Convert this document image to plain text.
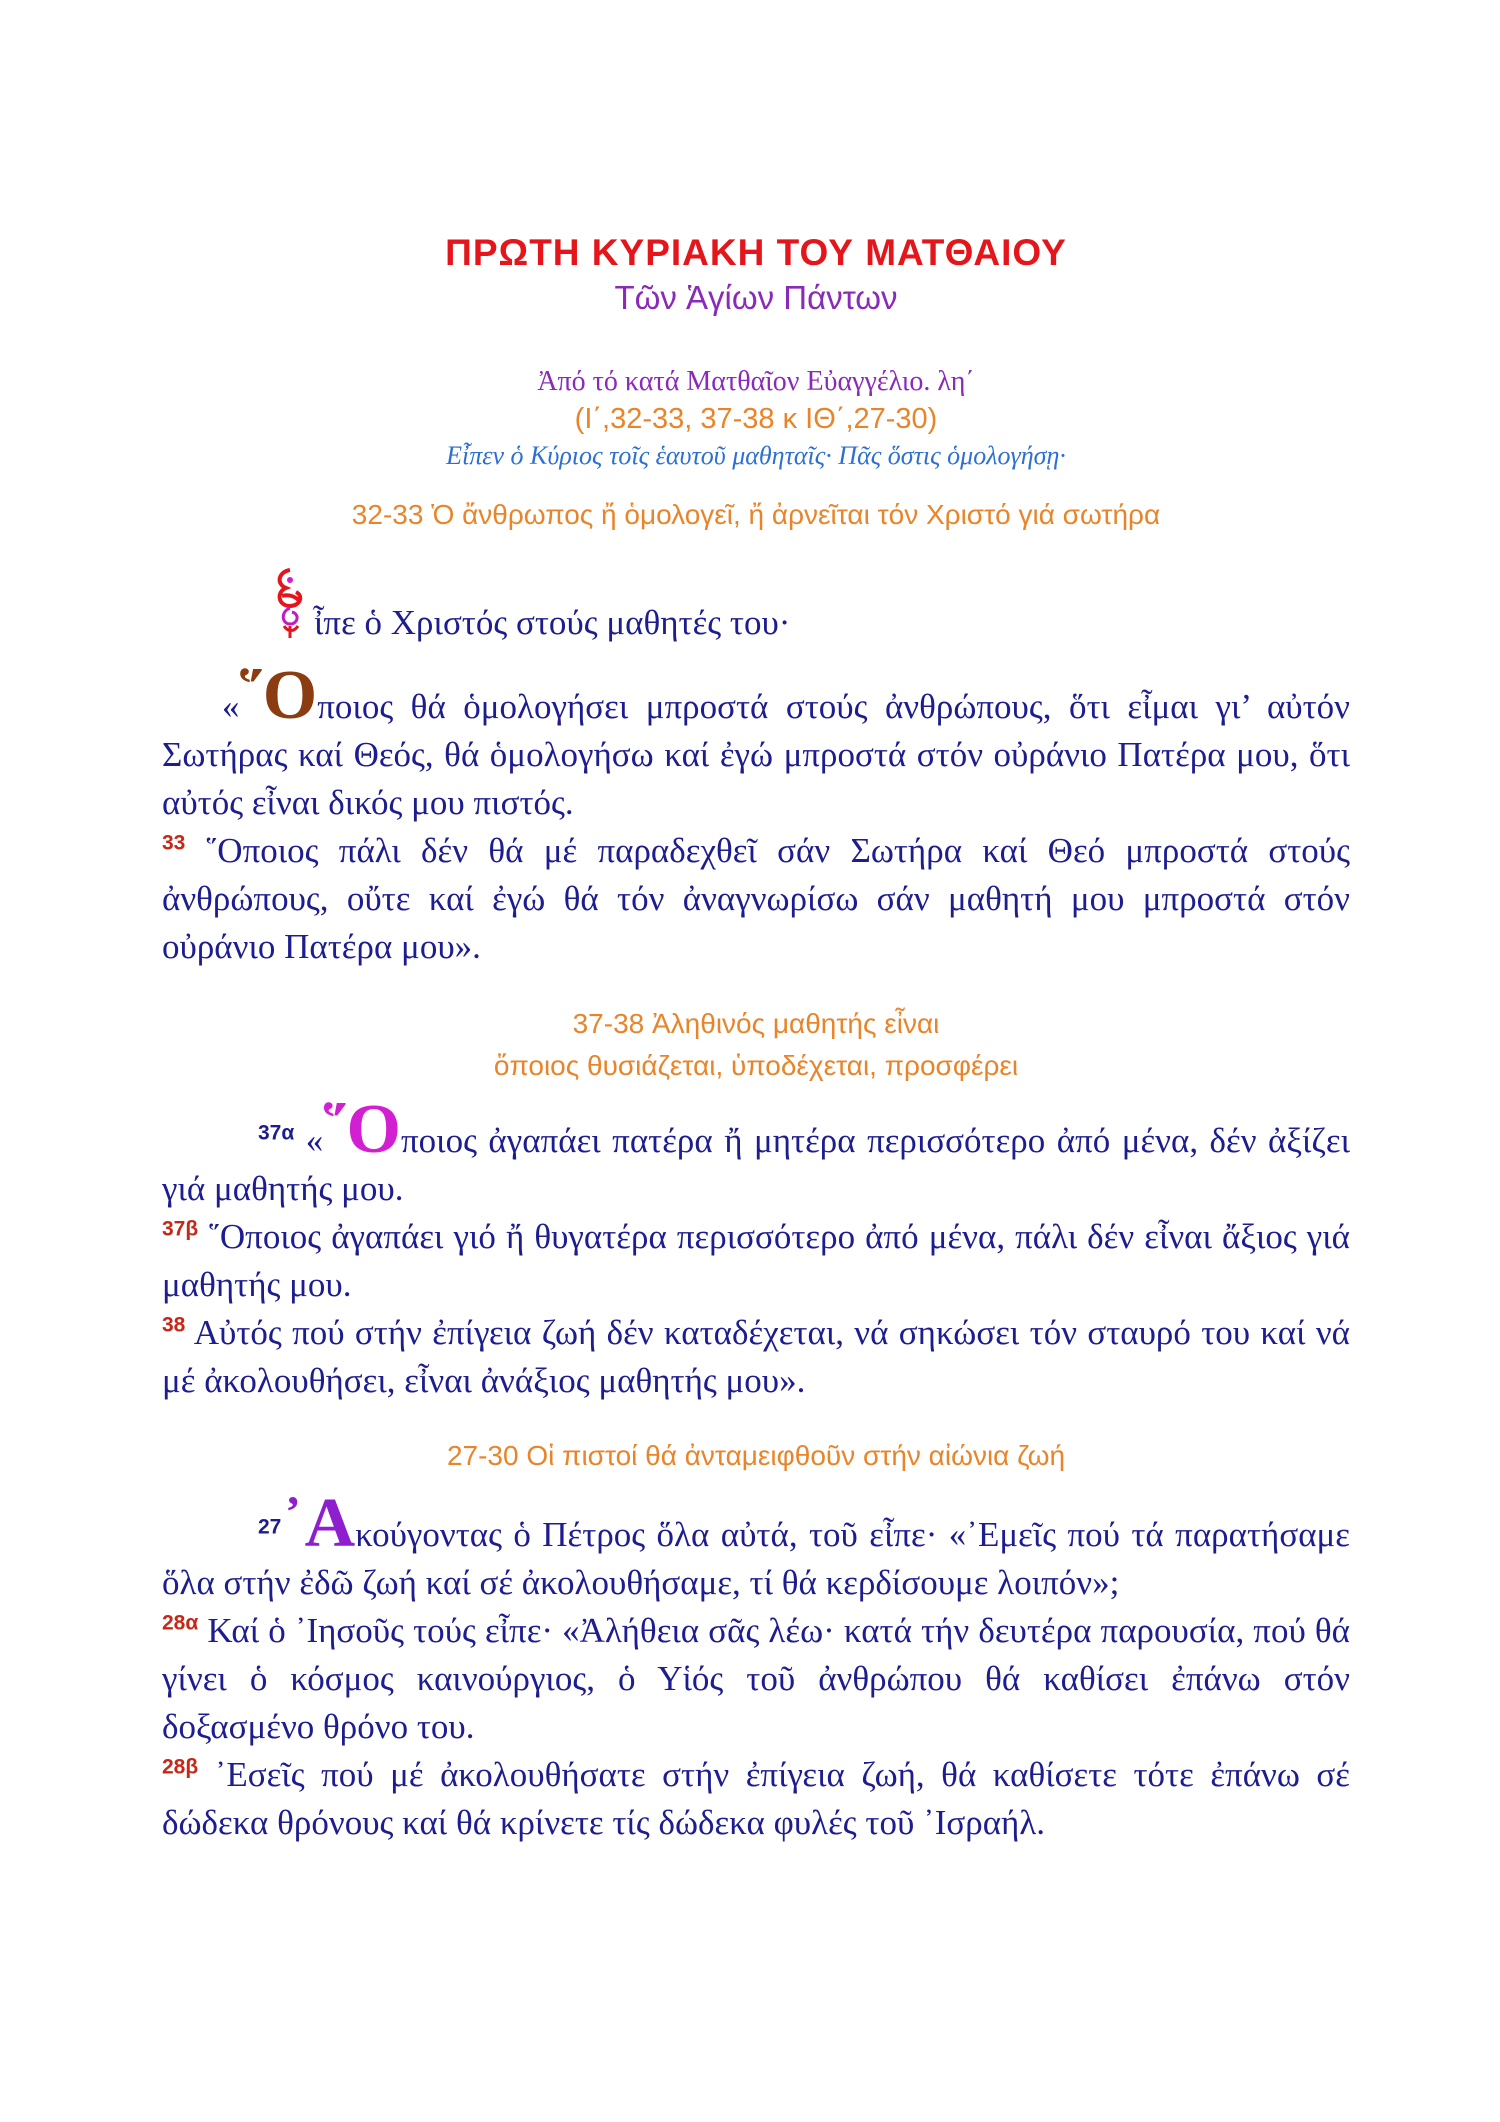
ΠΡΩΤΗ ΚΥΡΙΑΚΗ ΤΟΥ ΜΑΤΘΑΙΟΥ
Τῶν Ἁγίων Πάντων
Ἀπό τό κατά Ματθαῖον Εὐαγγέλιο. λη΄
(Ι΄,32-33, 37-38 κ ΙΘ΄,27-30)
Εἶπεν ὁ Κύριος τοῖς ἑαυτοῦ μαθηταῖς· Πᾶς ὅστις ὁμολογήσῃ·
32-33 Ὁ ἄνθρωπος ἤ ὁμολογεῖ, ἤ ἀρνεῖται τόν Χριστό γιά σωτήρα

ἶπε ὁ Χριστός στούς μαθητές του·

«῞Οποιος θά ὁμολογήσει μπροστά στούς ἀνθρώπους, ὅτι εἶμαι γι’ αὐτόν Σωτήρας καί Θεός, θά ὁμολογήσω καί ἐγώ μπροστά στόν οὐράνιο Πατέρα μου, ὅτι αὐτός εἶναι δικός μου πιστός.
$^{33}$ ῞Οποιος πάλι δέν θά μέ παραδεχθεῖ σάν Σωτήρα καί Θεό μπροστά στούς ἀνθρώπους, οὔτε καί ἐγώ θά τόν ἀναγνωρίσω σάν μαθητή μου μπροστά στόν οὐράνιο Πατέρα μου».

37-38 Ἀληθινός μαθητής εἶναι
ὅποιος θυσιάζεται, ὑποδέχεται, προσφέρει

$^{37\alpha}$ «῞Οποιος ἀγαπάει πατέρα ἤ μητέρα περισσότερο ἀπό μένα, δέν ἀξίζει γιά μαθητής μου.
$^{37\beta}$ ῞Οποιος ἀγαπάει γιό ἤ θυγατέρα περισσότερο ἀπό μένα, πάλι δέν εἶναι ἄξιος γιά μαθητής μου.
$^{38}$ Αὐτός πού στήν ἐπίγεια ζωή δέν καταδέχεται, νά σηκώσει τόν σταυρό του καί νά μέ ἀκολουθήσει, εἶναι ἀνάξιος μαθητής μου».

27-30 Οἱ πιστοί θά ἀνταμειφθοῦν στήν αἰώνια ζωή

$^{27}$᾿Ακούγοντας ὁ Πέτρος ὅλα αὐτά, τοῦ εἶπε· «᾿Εμεῖς πού τά παρατήσαμε ὅλα στήν ἐδῶ ζωή καί σέ ἀκολουθήσαμε, τί θά κερδίσουμε λοιπόν»;
$^{28\alpha}$ Καί ὁ ᾿Ιησοῦς τούς εἶπε· «Ἀλήθεια σᾶς λέω· κατά τήν δευτέρα παρουσία, πού θά γίνει ὁ κόσμος καινούργιος, ὁ Υἱός τοῦ ἀνθρώπου θά καθίσει ἐπάνω στόν δοξασμένο θρόνο του.
$^{28\beta}$ ᾿Εσεῖς πού μέ ἀκολουθήσατε στήν ἐπίγεια ζωή, θά καθίσετε τότε ἐπάνω σέ δώδεκα θρόνους καί θά κρίνετε τίς δώδεκα φυλές τοῦ ᾿Ισραήλ.
